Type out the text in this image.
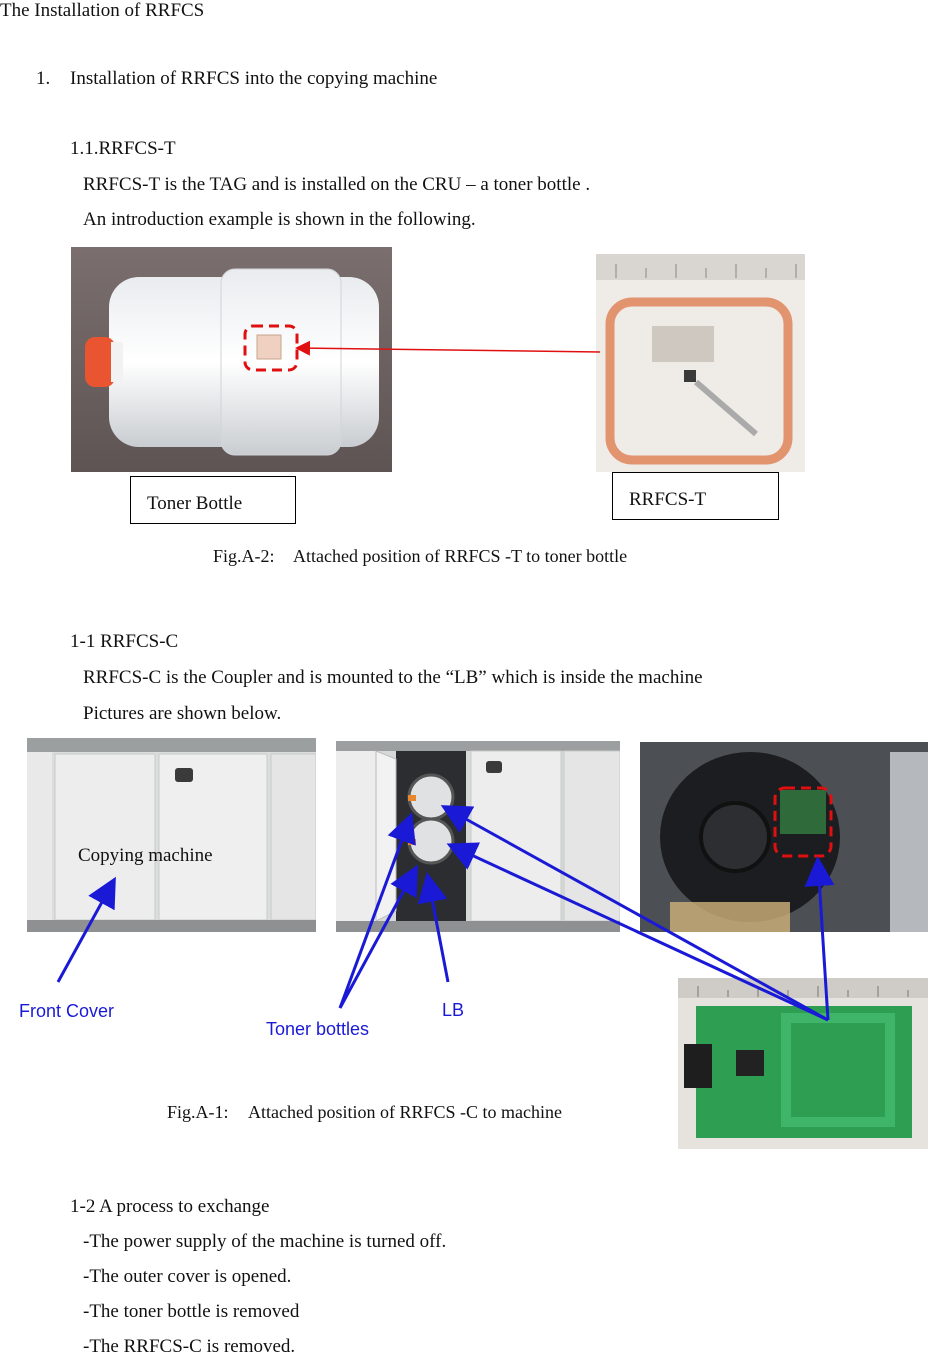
The Installation of RRFCS
1. Installation of RRFCS into the copying machine
1.1.RRFCS-T
RRFCS-T is the TAG and is installed on the CRU – a toner bottle .
An introduction example is shown in the following.
Toner Bottle	RRFCS-T
Fig.A-2: Attached position of RRFCS -T to toner bottle
1-1 RRFCS-C
RRFCS-C is the Coupler and is mounted to the “LB” which is inside the machine
Pictures are shown below.
Copying machine
Front Cover
Toner bottles
LB
Fig.A-1: Attached position of RRFCS -C to machine
1-2 A process to exchange
-The power supply of the machine is turned off.
-The outer cover is opened.
-The toner bottle is removed
-The RRFCS-C is removed.
